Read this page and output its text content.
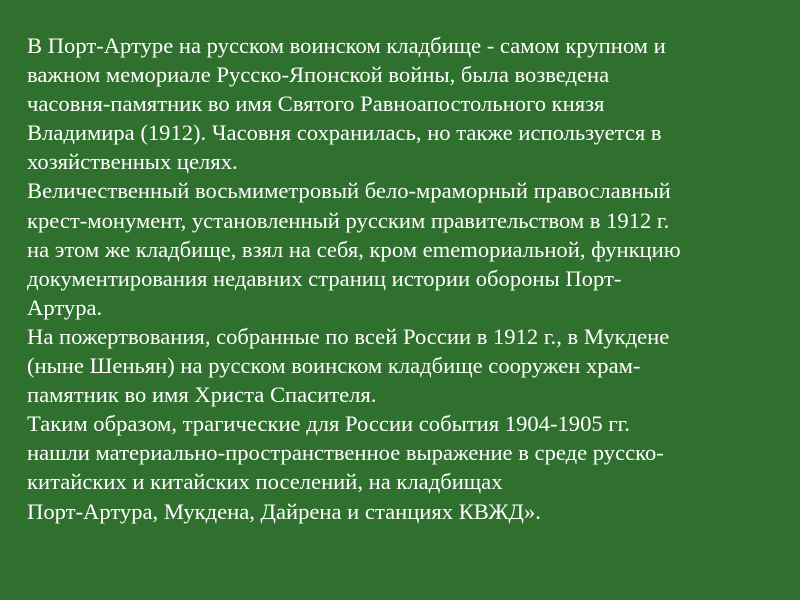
В Порт-Артуре на русском воинском кладбище - самом крупном и
важном мемориале Русско-Японской войны, была возведена
часовня-памятник во имя Святого Равноапостольного князя
Владимира (1912). Часовня сохранилась, но также используется в
хозяйственных целях.
Величественный восьмиметровый бело-мраморный православный
крест-монумент, установленный русским правительством в 1912 г.
на этом же кладбище, взял на себя, кром ememориальной, функцию
документирования недавних страниц истории обороны Порт-
Артура.
На пожертвования, собранные по всей России в 1912 г., в Мукдене
(ныне Шеньян) на русском воинском кладбище сооружен храм-
памятник во имя Христа Спасителя.
Таким образом, трагические для России события 1904-1905 гг.
нашли материально-пространственное выражение в среде русско-
китайских и китайских поселений, на кладбищах
Порт-Артура, Мукдена, Дайрена и станциях КВЖД».
